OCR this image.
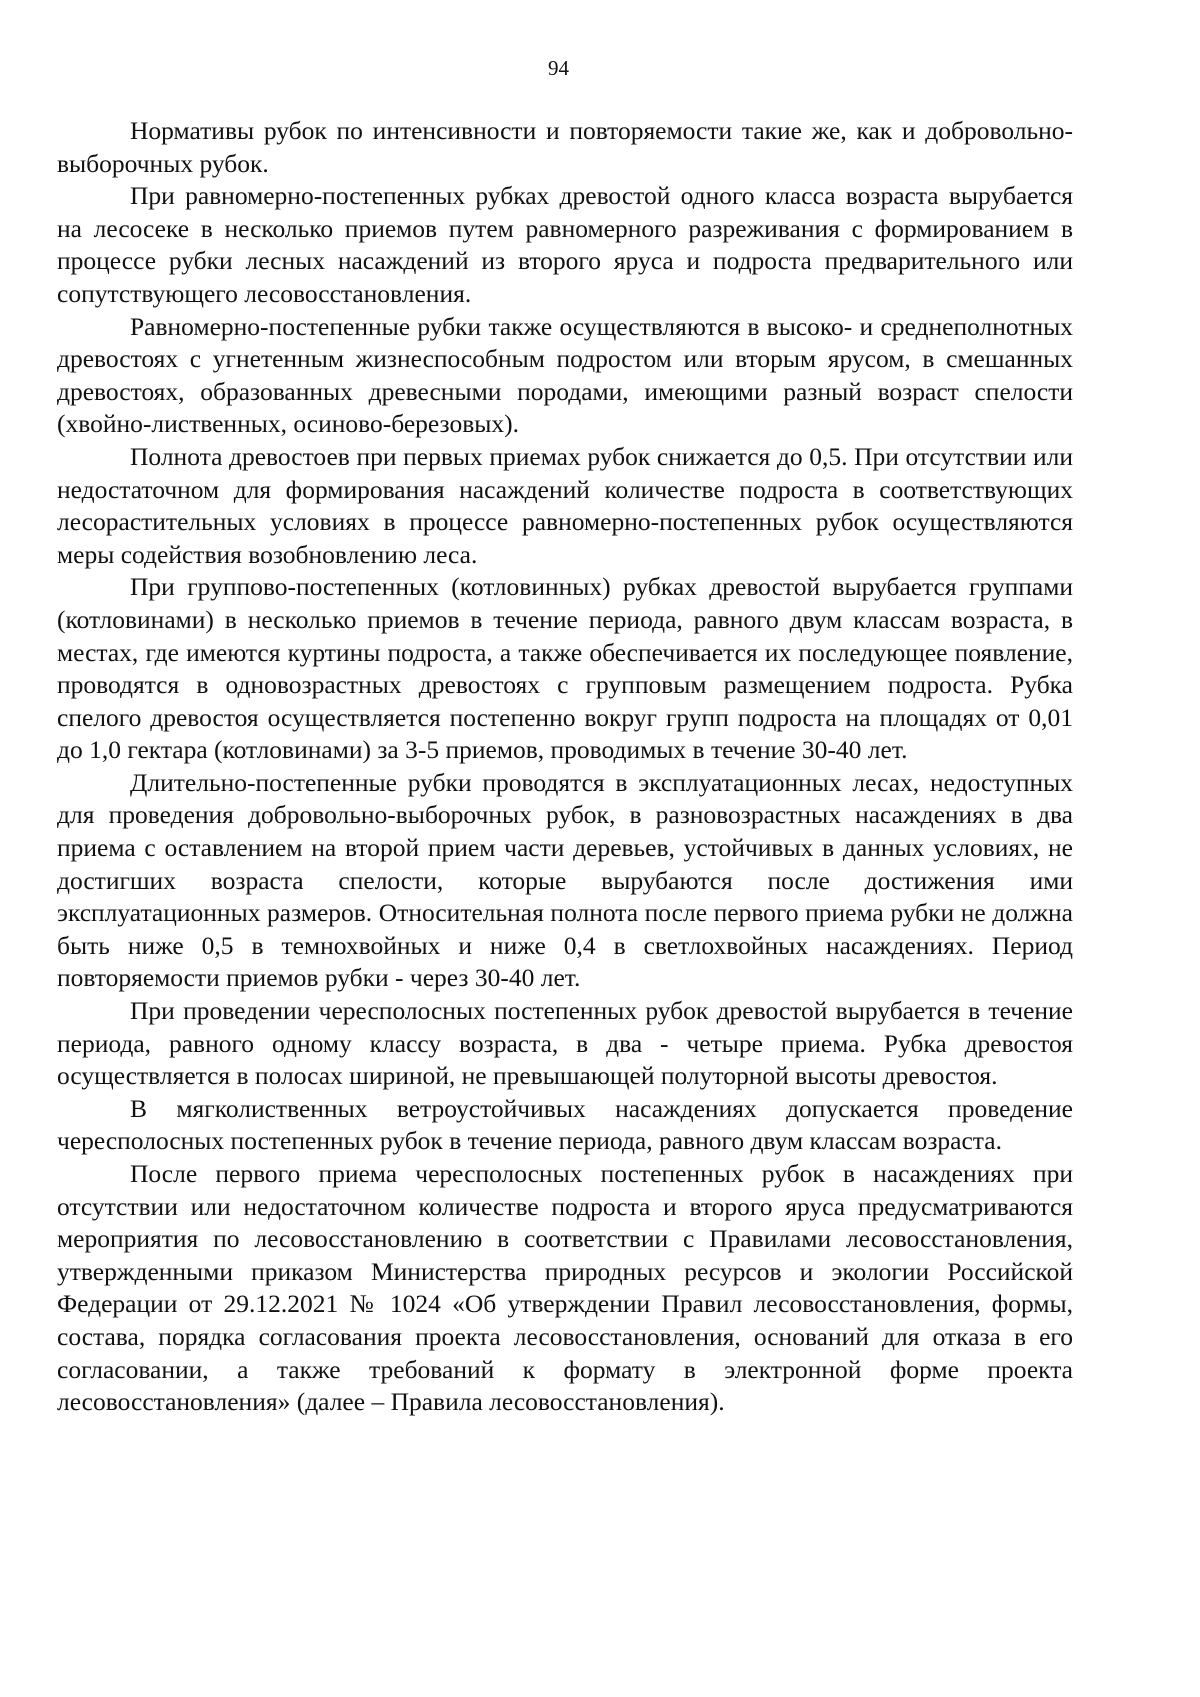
94

Нормативы рубок по интенсивности и повторяемости такие же, как и добровольно-выборочных рубок.

При равномерно-постепенных рубках древостой одного класса возраста вырубается на лесосеке в несколько приемов путем равномерного разреживания с формированием в процессе рубки лесных насаждений из второго яруса и подроста предварительного или сопутствующего лесовосстановления.

Равномерно-постепенные рубки также осуществляются в высоко- и среднеполнотных древостоях с угнетенным жизнеспособным подростом или вторым ярусом, в смешанных древостоях, образованных древесными породами, имеющими разный возраст спелости (хвойно-лиственных, осиново-березовых).

Полнота древостоев при первых приемах рубок снижается до 0,5. При отсутствии или недостаточном для формирования насаждений количестве подроста в соответствующих лесорастительных условиях в процессе равномерно-постепенных рубок осуществляются меры содействия возобновлению леса.

При группово-постепенных (котловинных) рубках древостой вырубается группами (котловинами) в несколько приемов в течение периода, равного двум классам возраста, в местах, где имеются куртины подроста, а также обеспечивается их последующее появление, проводятся в одновозрастных древостоях с групповым размещением подроста. Рубка спелого древостоя осуществляется постепенно вокруг групп подроста на площадях от 0,01 до 1,0 гектара (котловинами) за 3-5 приемов, проводимых в течение 30-40 лет.

Длительно-постепенные рубки проводятся в эксплуатационных лесах, недоступных для проведения добровольно-выборочных рубок, в разновозрастных насаждениях в два приема с оставлением на второй прием части деревьев, устойчивых в данных условиях, не достигших возраста спелости, которые вырубаются после достижения ими эксплуатационных размеров. Относительная полнота после первого приема рубки не должна быть ниже 0,5 в темнохвойных и ниже 0,4 в светлохвойных насаждениях. Период повторяемости приемов рубки - через 30-40 лет.

При проведении чересполосных постепенных рубок древостой вырубается в течение периода, равного одному классу возраста, в два - четыре приема. Рубка древостоя осуществляется в полосах шириной, не превышающей полуторной высоты древостоя.

В мягколиственных ветроустойчивых насаждениях допускается проведение чересполосных постепенных рубок в течение периода, равного двум классам возраста.

После первого приема чересполосных постепенных рубок в насаждениях при отсутствии или недостаточном количестве подроста и второго яруса предусматриваются мероприятия по лесовосстановлению в соответствии с Правилами лесовосстановления, утвержденными приказом Министерства природных ресурсов и экологии Российской Федерации от 29.12.2021 № 1024 «Об утверждении Правил лесовосстановления, формы, состава, порядка согласования проекта лесовосстановления, оснований для отказа в его согласовании, а также требований к формату в электронной форме проекта лесовосстановления» (далее – Правила лесовосстановления).
